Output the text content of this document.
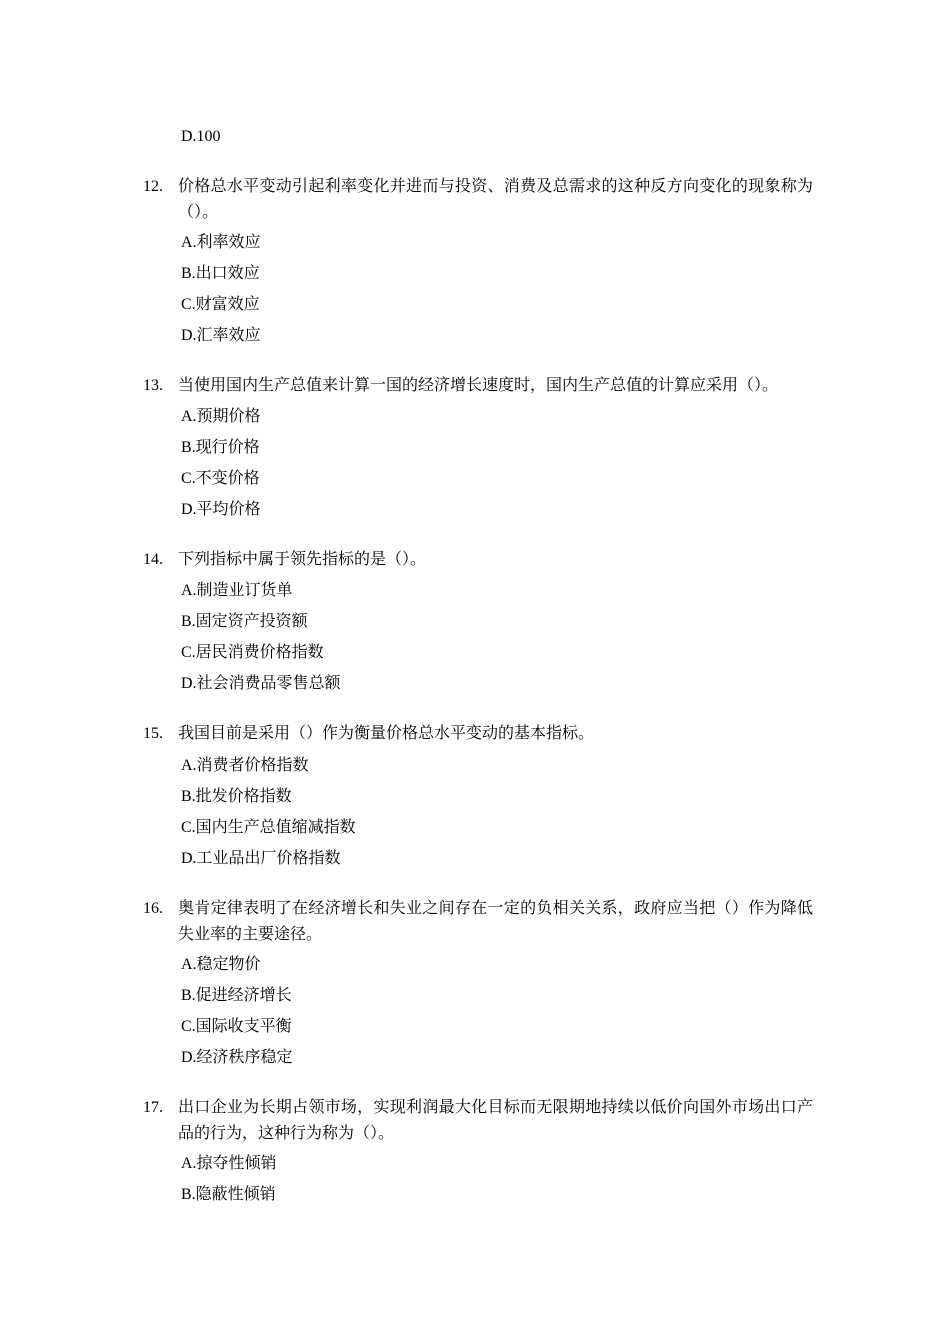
D.100
12. 价格总水平变动引起利率变化并进而与投资、消费及总需求的这种反方向变化的现象称为（）。
A.利率效应
B.出口效应
C.财富效应
D.汇率效应
13. 当使用国内生产总值来计算一国的经济增长速度时，国内生产总值的计算应采用（）。
A.预期价格
B.现行价格
C.不变价格
D.平均价格
14. 下列指标中属于领先指标的是（）。
A.制造业订货单
B.固定资产投资额
C.居民消费价格指数
D.社会消费品零售总额
15. 我国目前是采用（）作为衡量价格总水平变动的基本指标。
A.消费者价格指数
B.批发价格指数
C.国内生产总值缩减指数
D.工业品出厂价格指数
16. 奥肯定律表明了在经济增长和失业之间存在一定的负相关关系，政府应当把（）作为降低失业率的主要途径。
A.稳定物价
B.促进经济增长
C.国际收支平衡
D.经济秩序稳定
17. 出口企业为长期占领市场，实现利润最大化目标而无限期地持续以低价向国外市场出口产品的行为，这种行为称为（）。
A.掠夺性倾销
B.隐蔽性倾销
